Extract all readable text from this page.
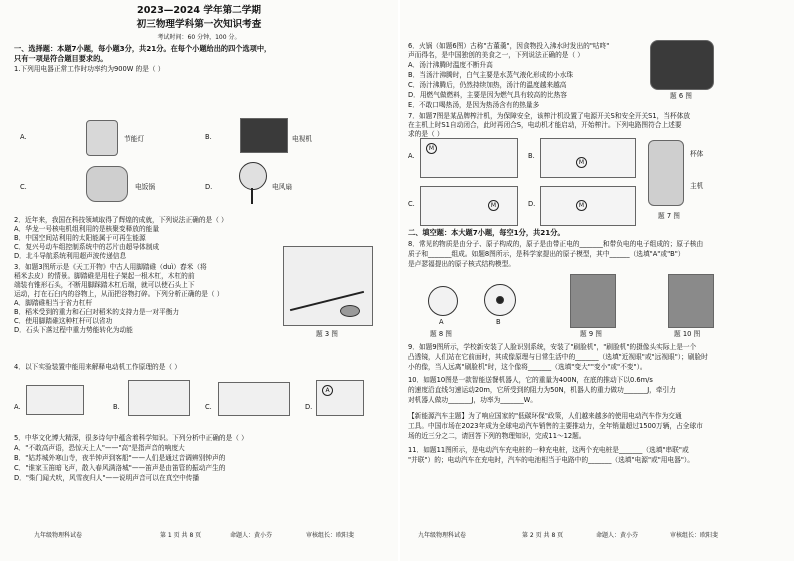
2023—2024 学年第二学期
初三物理学科第一次知识考查
考试时间：60 分钟，100 分。
一、选择题：本题7小题，每小题3分，共21分。在每个小题给出的四个选项中，
只有一项是符合题目要求的。
1.下列用电器正常工作时功率约为900W 的是（ ）
A.	节能灯	B.	电视机
C.	电饭锅	D.	电风扇
2．近年来，我国在科技领域取得了辉煌的成就，下列说法正确的是（ ）
A．华龙一号核电机组利用的是核聚变释放的能量
B．中国空间站利用的太阳能属于可再生能源
C．复兴号动车组控制系统中的芯片由超导体制成
D．北斗导航系统利用超声波传递信息
3．如题3图所示是《天工开物》中古人用脚踏碓（duì）舂米（将
稻米去皮）的情景。脚踏碓是用柱子架起一根木杠，木杠的前
端装有锥形石头，不断用脚踩踏木杠后端，就可以使石头上下
运动，打在石臼内的谷物上，从而把谷物打碎。下列分析正确的是（ ）
A．脚踏碓相当于省力杠杆
B．稻米受到的重力和石臼对稻米的支持力是一对平衡力
C．使用脚踏碓这种杠杆可以省功
D．石头下落过程中重力势能转化为动能	题 3 图
4．以下实验装置中能用来解释电动机工作原理的是（ ）
A.	B.	C.	D.
A
5．中华文化博大精深，很多诗句中蕴含着科学知识。下列分析中正确的是（ ）
A．"不敢高声语，恐惊天上人"——"高"是指声音的响度大
B．"姑苏城外寒山寺，夜半钟声到客船"——人们是通过音调辨别钟声的
C．"谁家玉笛暗飞声，散入春风满洛城"——笛声是由笛管的振动产生的
D．"柴门闻犬吠，风雪夜归人"——说明声音可以在真空中传播
九年级物理科试卷	第 1 页 共 8 页	命题人：黄小芬	审核组长：欧阳斐
6．火锅（如题6图）古称"古董羹"，因食物投入沸水时发出的"咕咚"
声而得名，是中国独创的美食之一，下列说法正确的是（ ）
A．汤汁沸腾时温度不断升高
B．当汤汁沸腾时，白气主要是水蒸气液化形成的小水珠
C．汤汁沸腾后，仍然持续加热，汤汁的温度越来越高
D．用燃气做燃料，主要是因为燃气具有较高的比热容
E．不敢口喝热汤，是因为热汤含有的热量多
题 6 图
7．如题7图是某品牌榨汁机，为保障安全，该榨汁机设置了电源开关S和安全开关S1，当杯体放
在主机上时S1自动闭合，此时再闭合S，电动机才能启动，开始榨汁。下列电路图符合上述要
求的是（ ）
A.
M
B.
M
C.	M	D.	M
杯体
主机
题 7 图
二、填空题：本大题7小题，每空1分，共21分。
8．常见的物质是由分子、原子构成的，原子是由带正电的_______和带负电的电子组成的；原子核由
质子和_______组成。如题8图所示，是科学家提出的原子模型，其中______（选填"A"或"B"）
是卢瑟福提出的原子核式结构模型。
A	B
题 8 图	题 9 图	题 10 图
9．如题9图所示，学校新安装了人脸识别系统，安装了"刷脸机"，"刷脸机"的摄像头实际上是一个
凸透镜，人们站在它前面时，其成像原理与日常生活中的_______（选填"近视眼"或"远视眼"）；刷脸时
小的像，当人远离"刷脸机"时，这个像将_______（选填"变大""变小"或"不变"）。
10．如题10图是一款智能送餐机器人，它的重量为400N，在底的推动下以0.6m/s
的速度沿直线匀速运动20m，它所受到的阻力为50N，机器人的重力做功_______J，牵引力
对机器人做功_______J，功率为_______W。
【新能源汽车主题】为了响应国家的"低碳环保"政策，人们越来越多的使用电动汽车作为交通
工具。中国市场在2023年成为全球电动汽车销售的主要推动力，全年销量超过1500万辆，占全球市
场的近三分之二，请回答下列的物理知识，完成11～12题。
11．如题11图所示，是电动汽车充电桩的一种充电桩，这两个充电桩是_______（选填"串联"或
"并联"）的；电动汽车在充电时，汽车的电池相当于电路中的_______（选填"电源"或"用电器"）。
九年级物理科试卷	第 2 页 共 8 页	命题人：黄小芬	审核组长：欧阳斐
